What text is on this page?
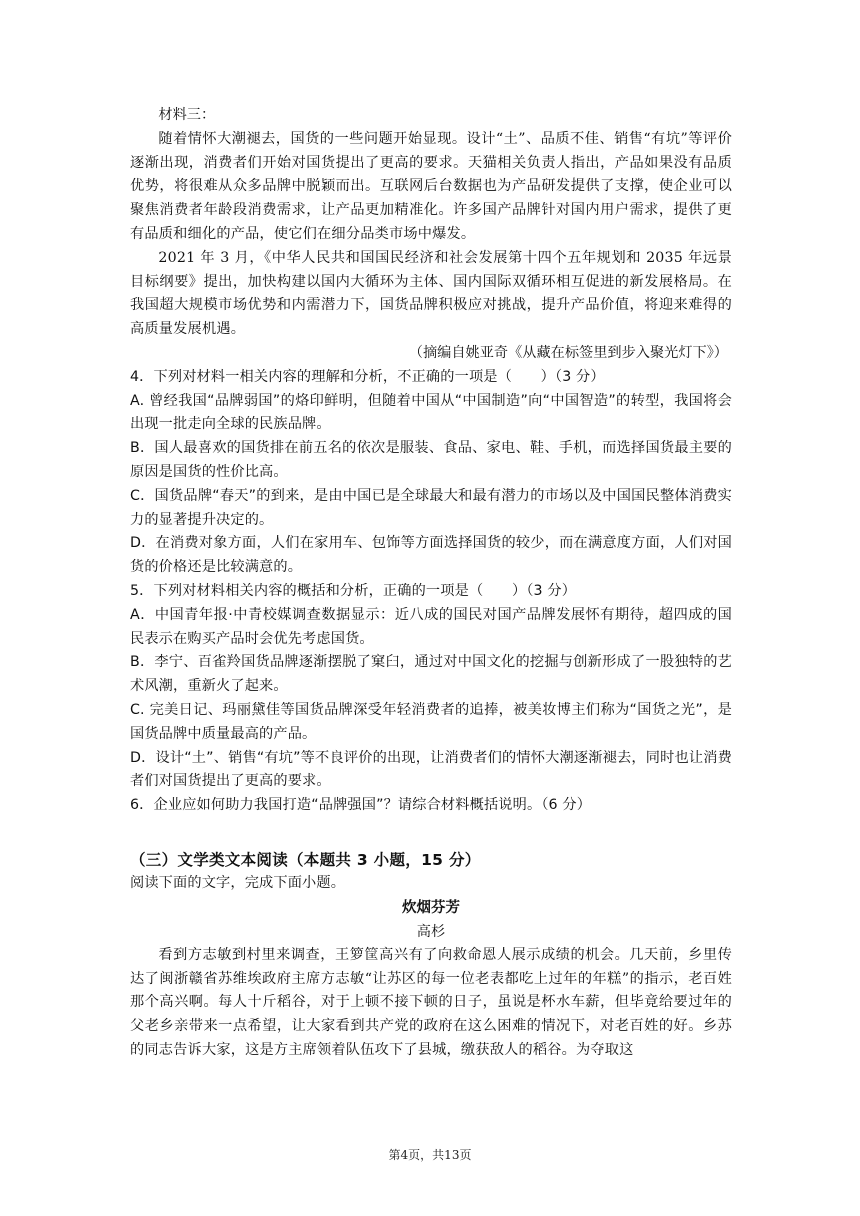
材料三：

随着情怀大潮褪去，国货的一些问题开始显现。设计“土”、品质不佳、销售“有坑”等评价逐渐出现，消费者们开始对国货提出了更高的要求。天猫相关负责人指出，产品如果没有品质优势，将很难从众多品牌中脱颖而出。互联网后台数据也为产品研发提供了支撑，使企业可以聚焦消费者年龄段消费需求，让产品更加精准化。许多国产品牌针对国内用户需求，提供了更有品质和细化的产品，使它们在细分品类市场中爆发。

2021 年 3 月，《中华人民共和国国民经济和社会发展第十四个五年规划和 2035 年远景目标纲要》提出，加快构建以国内大循环为主体、国内国际双循环相互促进的新发展格局。在我国超大规模市场优势和内需潜力下，国货品牌积极应对挑战，提升产品价值，将迎来难得的高质量发展机遇。

（摘编自姚亚奇《从藏在标签里到步入聚光灯下》）

4．下列对材料一相关内容的理解和分析，不正确的一项是（　　）（3 分）

A. 曾经我国“品牌弱国”的烙印鲜明，但随着中国从“中国制造”向“中国智造”的转型，我国将会出现一批走向全球的民族品牌。

B．国人最喜欢的国货排在前五名的依次是服装、食品、家电、鞋、手机，而选择国货最主要的原因是国货的性价比高。

C．国货品牌“春天”的到来，是由中国已是全球最大和最有潜力的市场以及中国国民整体消费实力的显著提升决定的。

D．在消费对象方面，人们在家用车、包饰等方面选择国货的较少，而在满意度方面，人们对国货的价格还是比较满意的。

5．下列对材料相关内容的概括和分析，正确的一项是（　　）（3 分）

A．中国青年报·中青校媒调查数据显示：近八成的国民对国产品牌发展怀有期待，超四成的国民表示在购买产品时会优先考虑国货。

B．李宁、百雀羚国货品牌逐渐摆脱了窠臼，通过对中国文化的挖掘与创新形成了一股独特的艺术风潮，重新火了起来。

C. 完美日记、玛丽黛佳等国货品牌深受年轻消费者的追捧，被美妆博主们称为“国货之光”，是国货品牌中质量最高的产品。

D．设计“土”、销售“有坑”等不良评价的出现，让消费者们的情怀大潮逐渐褪去，同时也让消费者们对国货提出了更高的要求。

6．企业应如何助力我国打造“品牌强国”？请综合材料概括说明。（6 分）

（三）文学类文本阅读（本题共 3 小题，15 分）

阅读下面的文字，完成下面小题。

炊烟芬芳

高杉

看到方志敏到村里来调查，王箩筐高兴有了向救命恩人展示成绩的机会。几天前，乡里传达了闽浙赣省苏维埃政府主席方志敏“让苏区的每一位老表都吃上过年的年糕”的指示，老百姓那个高兴啊。每人十斤稻谷，对于上顿不接下顿的日子，虽说是杯水车薪，但毕竟给要过年的父老乡亲带来一点希望，让大家看到共产党的政府在这么困难的情况下，对老百姓的好。乡苏的同志告诉大家，这是方主席领着队伍攻下了县城，缴获敌人的稻谷。为夺取这

第4页，共13页
